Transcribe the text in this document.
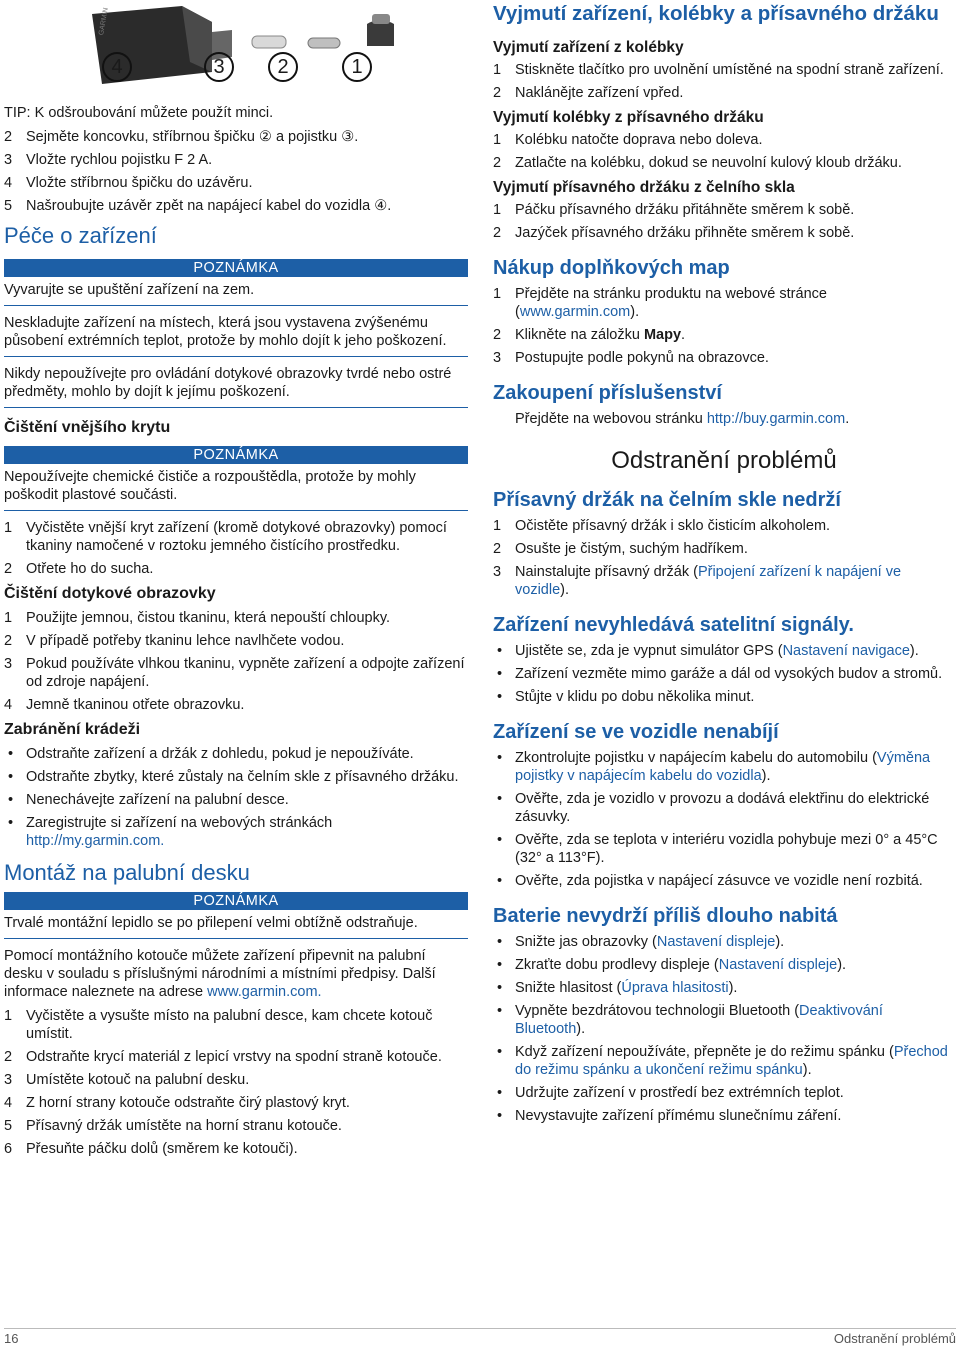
4	3	2	1
GARMIN

TIP: K odšroubování můžete použít minci.

2 Sejměte koncovku, stříbrnou špičku ② a pojistku ③.
3 Vložte rychlou pojistku F 2 A.
4 Vložte stříbrnou špičku do uzávěru.
5 Našroubujte uzávěr zpět na napájecí kabel do vozidla ④.
Péče o zařízení
POZNÁMKA

Vyvarujte se upuštění zařízení na zem.

Neskladujte zařízení na místech, která jsou vystavena zvýšenému působení extrémních teplot, protože by mohlo dojít k jeho poškození.

Nikdy nepoužívejte pro ovládání dotykové obrazovky tvrdé nebo ostré předměty, mohlo by dojít k jejímu poškození.

Čištění vnějšího krytu
POZNÁMKA

Nepoužívejte chemické čističe a rozpouštědla, protože by mohly poškodit plastové součásti.

1 Vyčistěte vnější kryt zařízení (kromě dotykové obrazovky) pomocí tkaniny namočené v roztoku jemného čistícího prostředku.
2 Otřete ho do sucha.
Čištění dotykové obrazovky
1 Použijte jemnou, čistou tkaninu, která nepouští chloupky.
2 V případě potřeby tkaninu lehce navlhčete vodou.
3 Pokud používáte vlhkou tkaninu, vypněte zařízení a odpojte zařízení od zdroje napájení.
4 Jemně tkaninou otřete obrazovku.
Zabránění krádeži
• Odstraňte zařízení a držák z dohledu, pokud je nepoužíváte.
• Odstraňte zbytky, které zůstaly na čelním skle z přísavného držáku.
• Nenechávejte zařízení na palubní desce.
• Zaregistrujte si zařízení na webových stránkách
http://my.garmin.com.
Montáž na palubní desku
POZNÁMKA

Trvalé montážní lepidlo se po přilepení velmi obtížně odstraňuje.

Pomocí montážního kotouče můžete zařízení připevnit na palubní desku v souladu s příslušnými národními a místními předpisy. Další informace naleznete na adrese www.garmin.com.

1 Vyčistěte a vysušte místo na palubní desce, kam chcete kotouč umístit.
2 Odstraňte krycí materiál z lepicí vrstvy na spodní straně kotouče.
3 Umístěte kotouč na palubní desku.
4 Z horní strany kotouče odstraňte čirý plastový kryt.
5 Přísavný držák umístěte na horní stranu kotouče.
6 Přesuňte páčku dolů (směrem ke kotouči).
Vyjmutí zařízení, kolébky a přísavného držáku
Vyjmutí zařízení z kolébky
1 Stiskněte tlačítko pro uvolnění umístěné na spodní straně zařízení.
2 Naklánějte zařízení vpřed.
Vyjmutí kolébky z přísavného držáku
1 Kolébku natočte doprava nebo doleva.
2 Zatlačte na kolébku, dokud se neuvolní kulový kloub držáku.
Vyjmutí přísavného držáku z čelního skla
1 Páčku přísavného držáku přitáhněte směrem k sobě.
2 Jazýček přísavného držáku přihněte směrem k sobě.
Nákup doplňkových map
1 Přejděte na stránku produktu na webové stránce (www.garmin.com).
2 Klikněte na záložku Mapy.
3 Postupujte podle pokynů na obrazovce.
Zakoupení příslušenství

Přejděte na webovou stránku http://buy.garmin.com.

Odstranění problémů
Přísavný držák na čelním skle nedrží
1 Očistěte přísavný držák i sklo čisticím alkoholem.
2 Osušte je čistým, suchým hadříkem.
3 Nainstalujte přísavný držák (Připojení zařízení k napájení ve vozidle).
Zařízení nevyhledává satelitní signály.
• Ujistěte se, zda je vypnut simulátor GPS (Nastavení navigace).
• Zařízení vezměte mimo garáže a dál od vysokých budov a stromů.
• Stůjte v klidu po dobu několika minut.
Zařízení se ve vozidle nenabíjí
• Zkontrolujte pojistku v napájecím kabelu do automobilu (Výměna pojistky v napájecím kabelu do vozidla).
• Ověřte, zda je vozidlo v provozu a dodává elektřinu do elektrické zásuvky.
• Ověřte, zda se teplota v interiéru vozidla pohybuje mezi 0° a 45°C (32° a 113°F).
• Ověřte, zda pojistka v napájecí zásuvce ve vozidle není rozbitá.
Baterie nevydrží příliš dlouho nabitá
• Snižte jas obrazovky (Nastavení displeje).
• Zkraťte dobu prodlevy displeje (Nastavení displeje).
• Snižte hlasitost (Úprava hlasitosti).
• Vypněte bezdrátovou technologii Bluetooth (Deaktivování Bluetooth).
• Když zařízení nepoužíváte, přepněte je do režimu spánku (Přechod do režimu spánku a ukončení režimu spánku).
• Udržujte zařízení v prostředí bez extrémních teplot.
• Nevystavujte zařízení přímému slunečnímu záření.
16	Odstranění problémů
